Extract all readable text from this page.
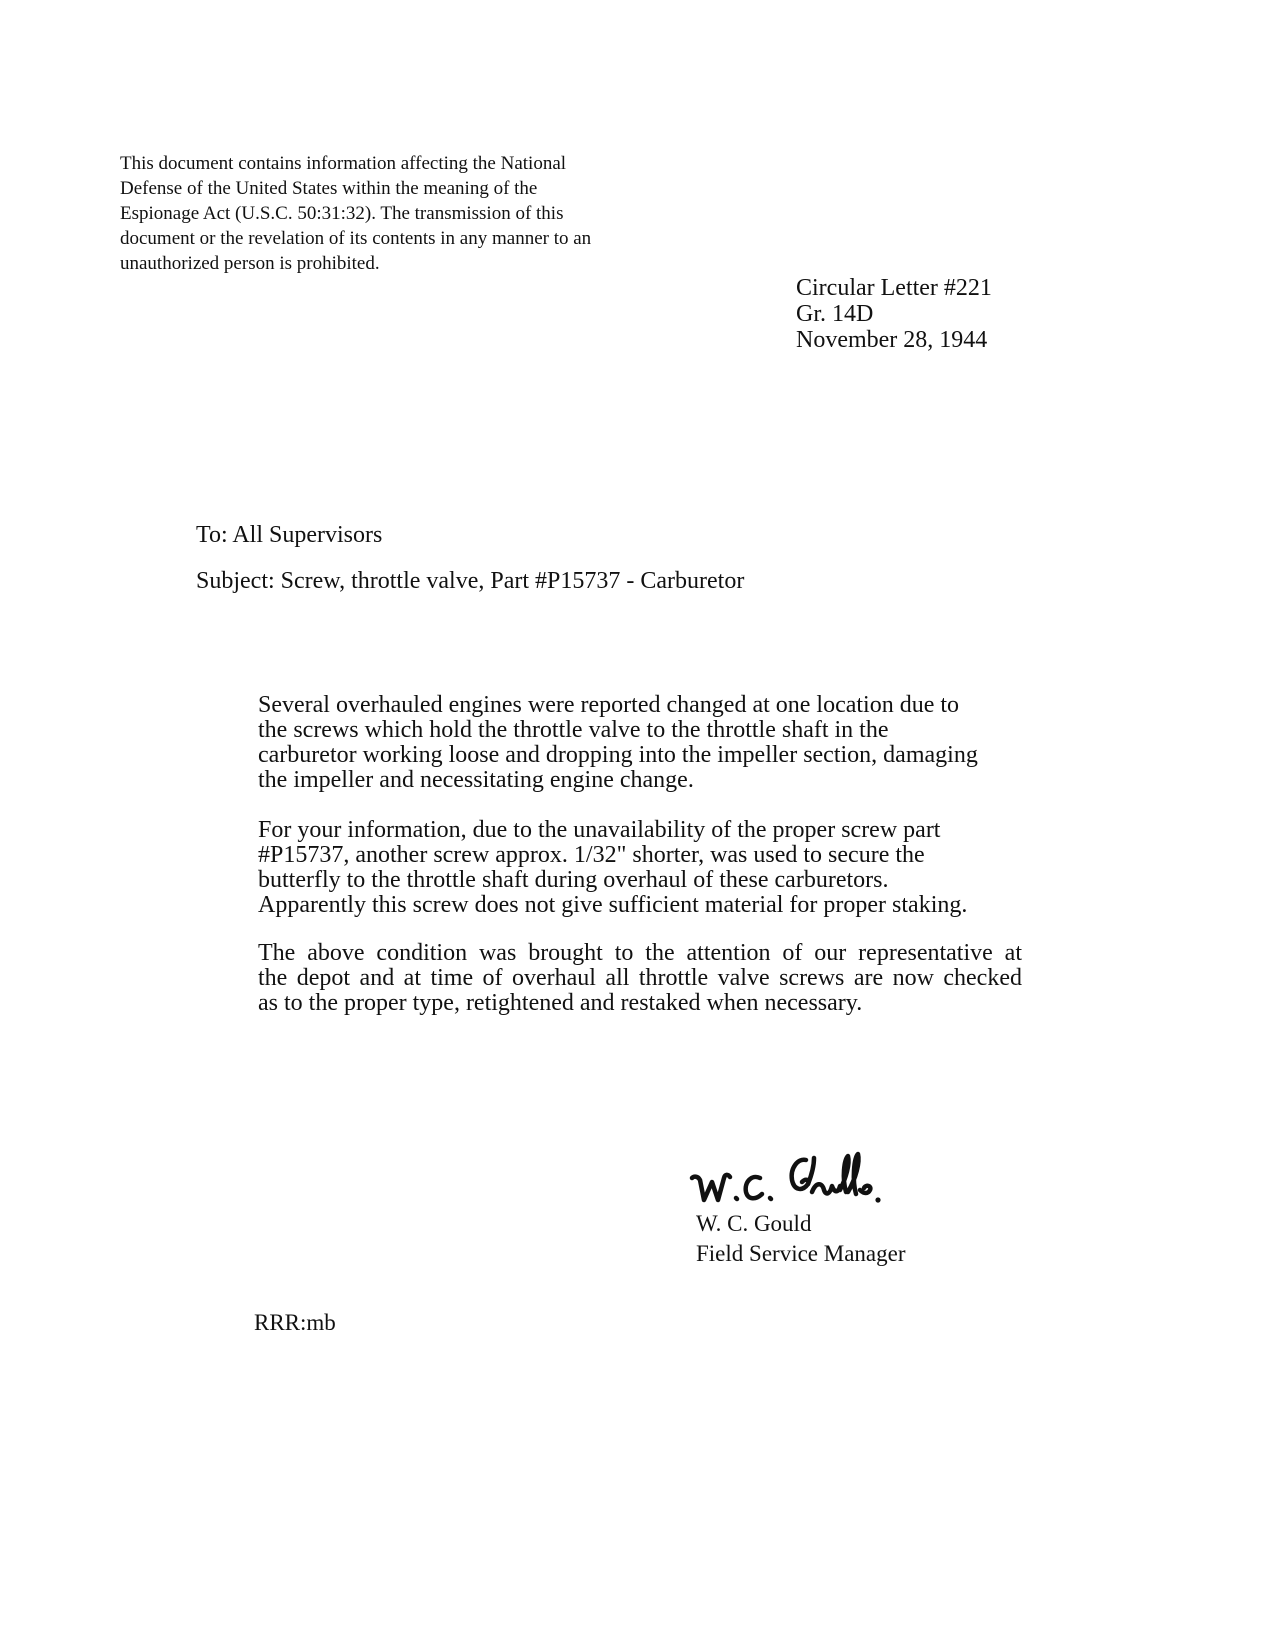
This document contains information affecting the National
Defense of the United States within the meaning of the
Espionage Act (U.S.C. 50:31:32). The transmission of this
document or the revelation of its contents in any manner to an
unauthorized person is prohibited.
Circular Letter #221
Gr. 14D
November 28, 1944
To: All Supervisors
Subject: Screw, throttle valve, Part #P15737 - Carburetor
Several overhauled engines were reported changed at one location due to
the screws which hold the throttle valve to the throttle shaft in the
carburetor working loose and dropping into the impeller section, damaging
the impeller and necessitating engine change.
For your information, due to the unavailability of the proper screw part
#P15737, another screw approx. 1/32" shorter, was used to secure the
butterfly to the throttle shaft during overhaul of these carburetors.
Apparently this screw does not give sufficient material for proper staking.
The above condition was brought to the attention of our representative at
the depot and at time of overhaul all throttle valve screws are now checked
as to the proper type, retightened and restaked when necessary.
W. C. Gould
Field Service Manager
RRR:mb
